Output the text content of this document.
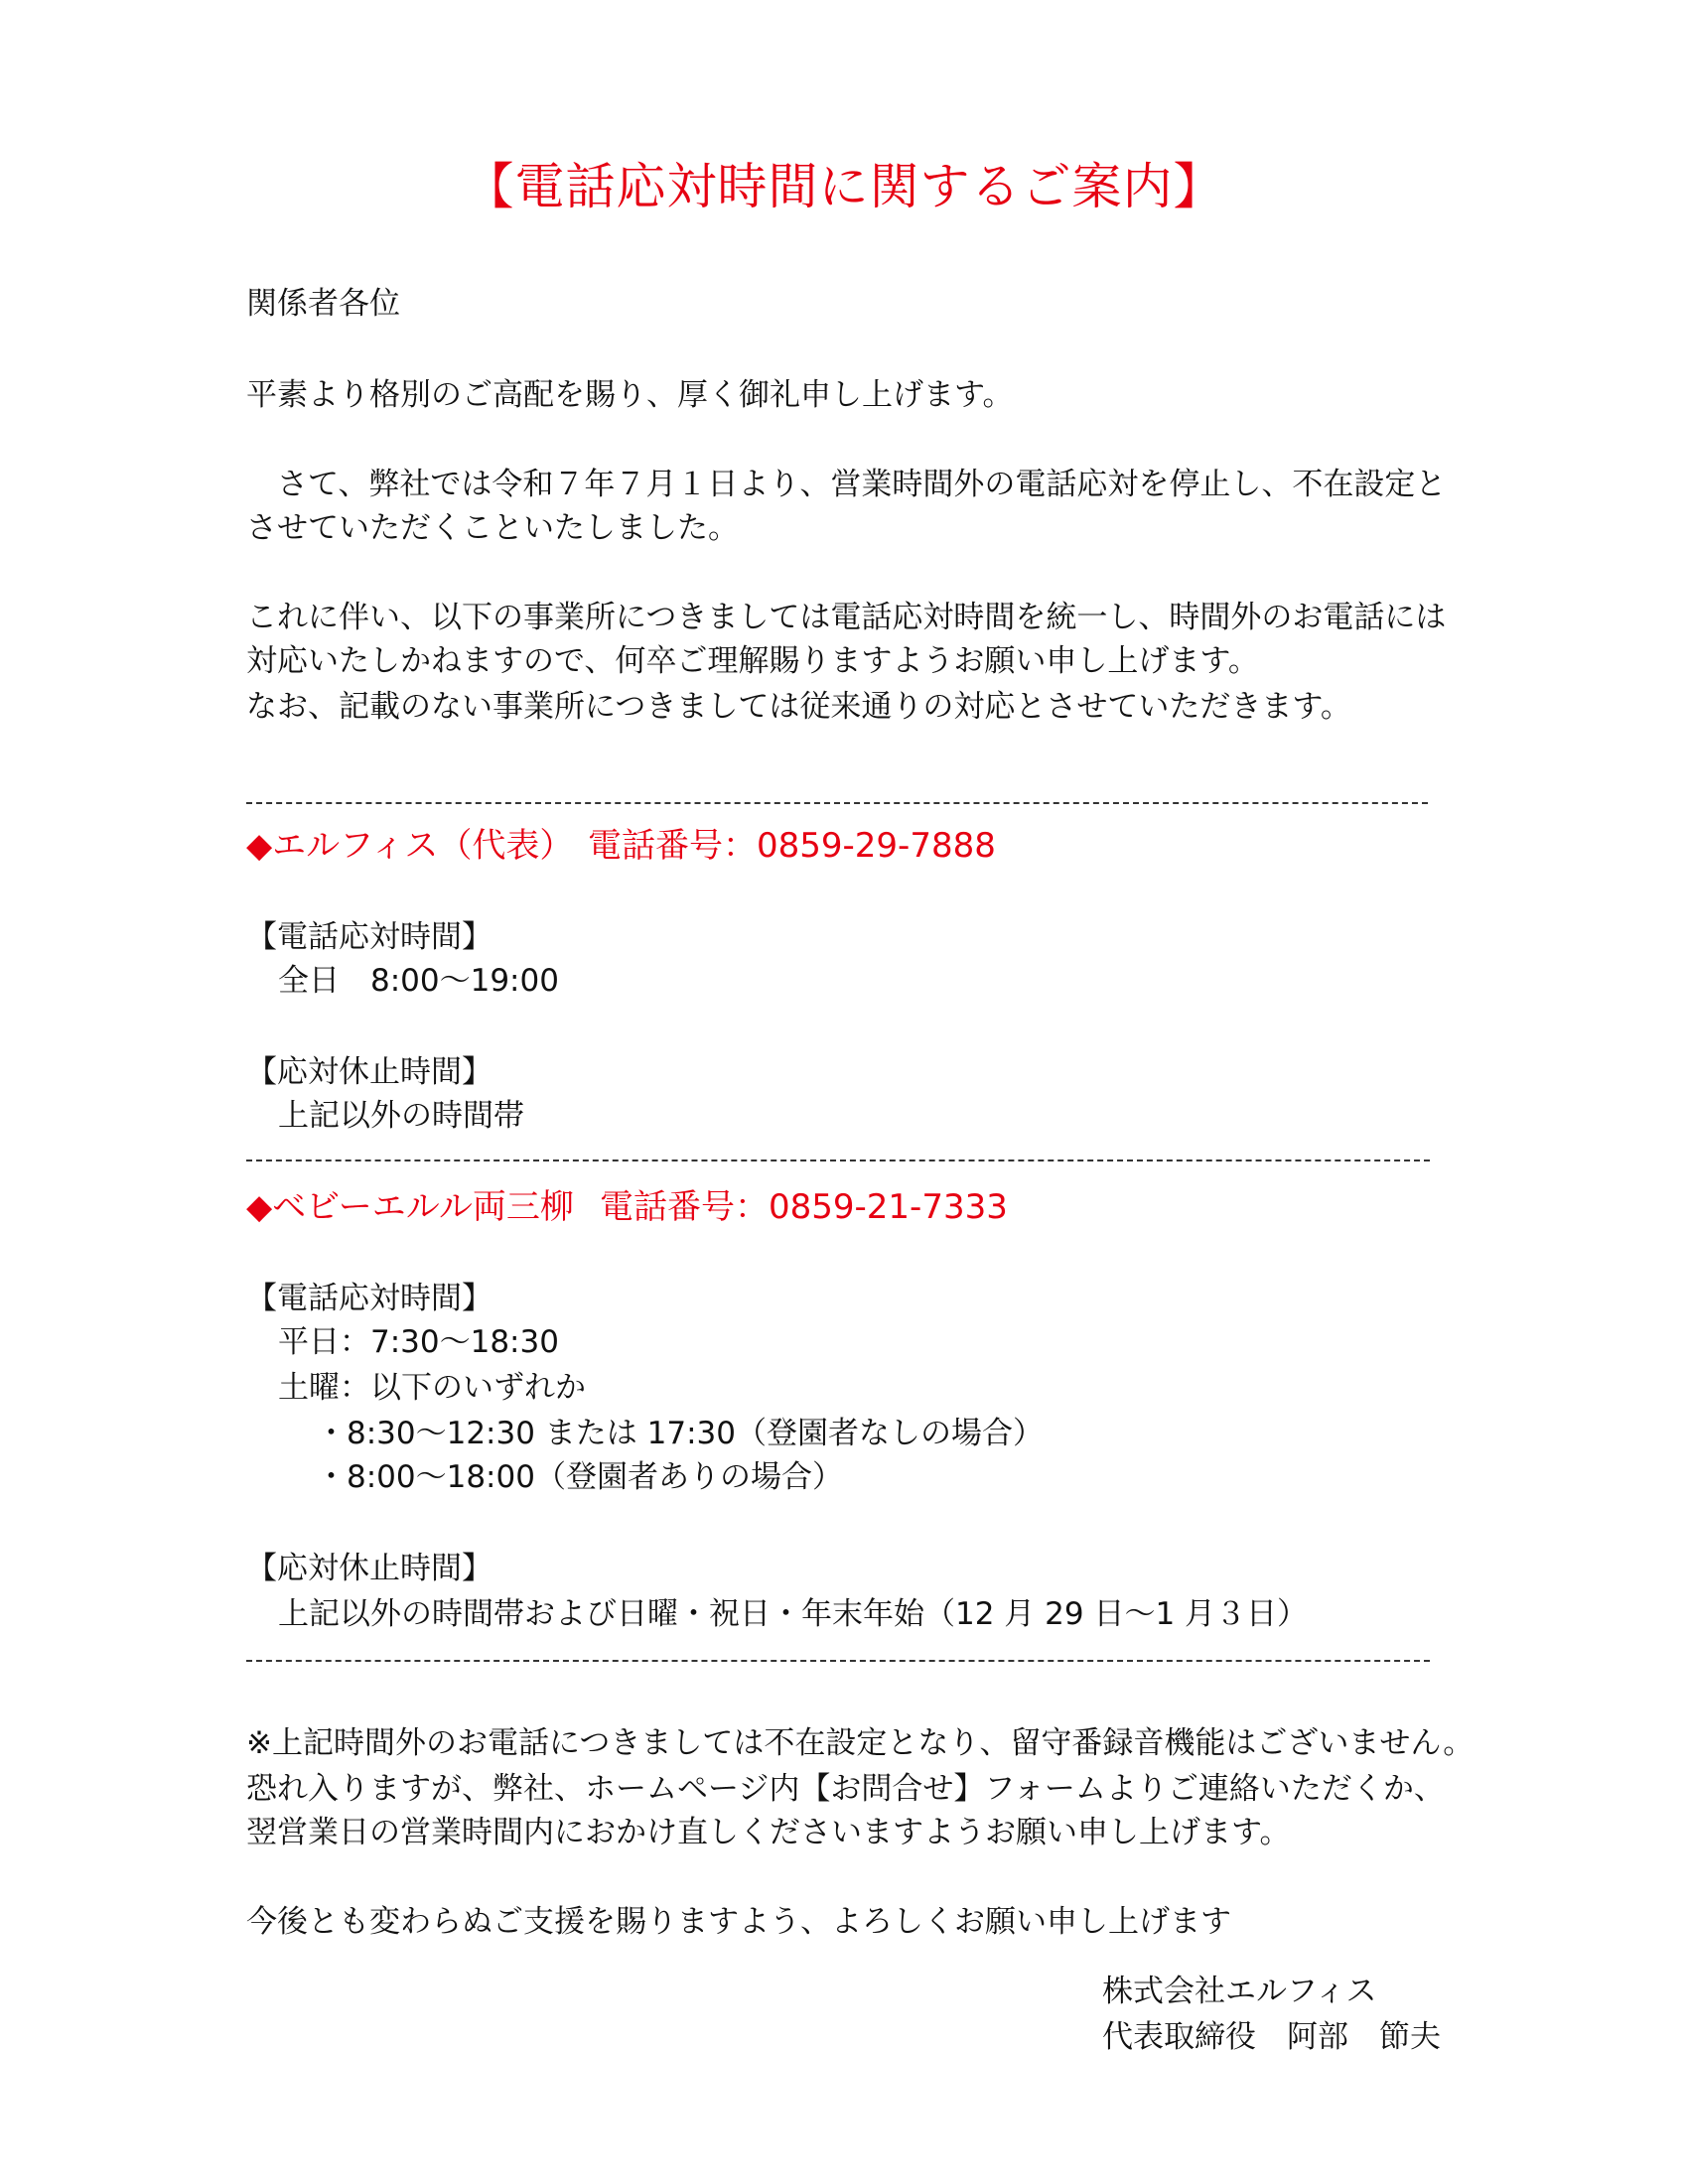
【電話応対時間に関するご案内】
関係者各位
平素より格別のご高配を賜り、厚く御礼申し上げます。
　さて、弊社では令和７年７月１日より、営業時間外の電話応対を停止し、不在設定と
させていただくこといたしました。
これに伴い、以下の事業所につきましては電話応対時間を統一し、時間外のお電話には
対応いたしかねますので、何卒ご理解賜りますようお願い申し上げます。
なお、記載のない事業所につきましては従来通りの対応とさせていただきます。
◆エルフィス（代表） 電話番号：0859-29-7888
【電話応対時間】
全日　8:00～19:00
【応対休止時間】
上記以外の時間帯
◆ベビーエルル両三柳 電話番号：0859-21-7333
【電話応対時間】
平日：7:30～18:30
土曜：以下のいずれか
・8:30～12:30 または 17:30（登園者なしの場合）
・8:00～18:00（登園者ありの場合）
【応対休止時間】
上記以外の時間帯および日曜・祝日・年末年始（12 月 29 日～1 月３日）
※上記時間外のお電話につきましては不在設定となり、留守番録音機能はございません。
恐れ入りますが、弊社、ホームページ内【お問合せ】フォームよりご連絡いただくか、
翌営業日の営業時間内におかけ直しくださいますようお願い申し上げます。
今後とも変わらぬご支援を賜りますよう、よろしくお願い申し上げます
株式会社エルフィス
代表取締役　阿部　節夫
